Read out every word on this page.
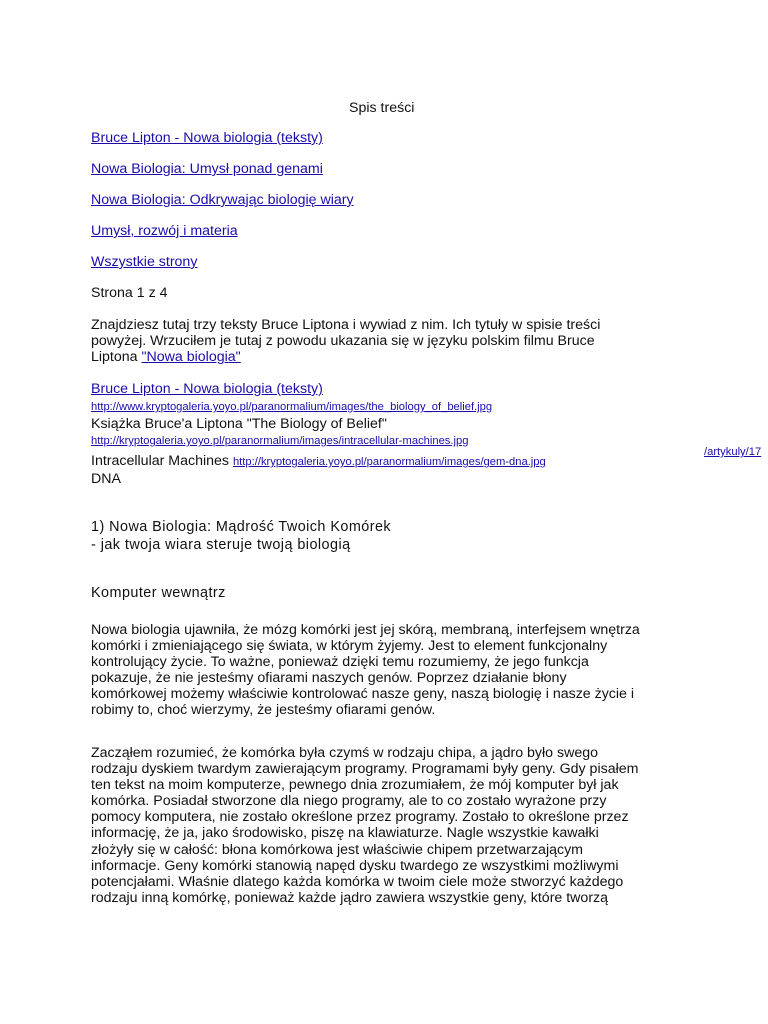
Spis treści
Bruce Lipton - Nowa biologia (teksty)
Nowa Biologia: Umysł ponad genami
Nowa Biologia: Odkrywając biologię wiary
Umysł, rozwój i materia
Wszystkie strony
Strona 1 z 4
Znajdziesz tutaj trzy teksty Bruce Liptona i wywiad z nim. Ich tytuły w spisie treści
powyżej. Wrzuciłem je tutaj z powodu ukazania się w języku polskim filmu Bruce
Liptona "Nowa biologia"
Bruce Lipton - Nowa biologia (teksty)
http://www.kryptogaleria.yoyo.pl/paranormalium/images/the_biology_of_belief.jpg
Książka Bruce'a Liptona "The Biology of Belief"
http://kryptogaleria.yoyo.pl/paranormalium/images/intracellular-machines.jpg
Intracellular Machines http://kryptogaleria.yoyo.pl/paranormalium/images/gem-dna.jpg
DNA
/artykuly/17
1) Nowa Biologia: Mądrość Twoich Komórek
- jak twoja wiara steruje twoją biologią
Komputer wewnątrz
Nowa biologia ujawniła, że mózg komórki jest jej skórą, membraną, interfejsem wnętrza
komórki i zmieniającego się świata, w którym żyjemy. Jest to element funkcjonalny
kontrolujący życie. To ważne, ponieważ dzięki temu rozumiemy, że jego funkcja
pokazuje, że nie jesteśmy ofiarami naszych genów. Poprzez działanie błony
komórkowej możemy właściwie kontrolować nasze geny, naszą biologię i nasze życie i
robimy to, choć wierzymy, że jesteśmy ofiarami genów.
Zacząłem rozumieć, że komórka była czymś w rodzaju chipa, a jądro było swego
rodzaju dyskiem twardym zawierającym programy. Programami były geny. Gdy pisałem
ten tekst na moim komputerze, pewnego dnia zrozumiałem, że mój komputer był jak
komórka. Posiadał stworzone dla niego programy, ale to co zostało wyrażone przy
pomocy komputera, nie zostało określone przez programy. Zostało to określone przez
informację, że ja, jako środowisko, piszę na klawiaturze. Nagle wszystkie kawałki
złożyły się w całość: błona komórkowa jest właściwie chipem przetwarzającym
informacje. Geny komórki stanowią napęd dysku twardego ze wszystkimi możliwymi
potencjałami. Właśnie dlatego każda komórka w twoim ciele może stworzyć każdego
rodzaju inną komórkę, ponieważ każde jądro zawiera wszystkie geny, które tworzą
